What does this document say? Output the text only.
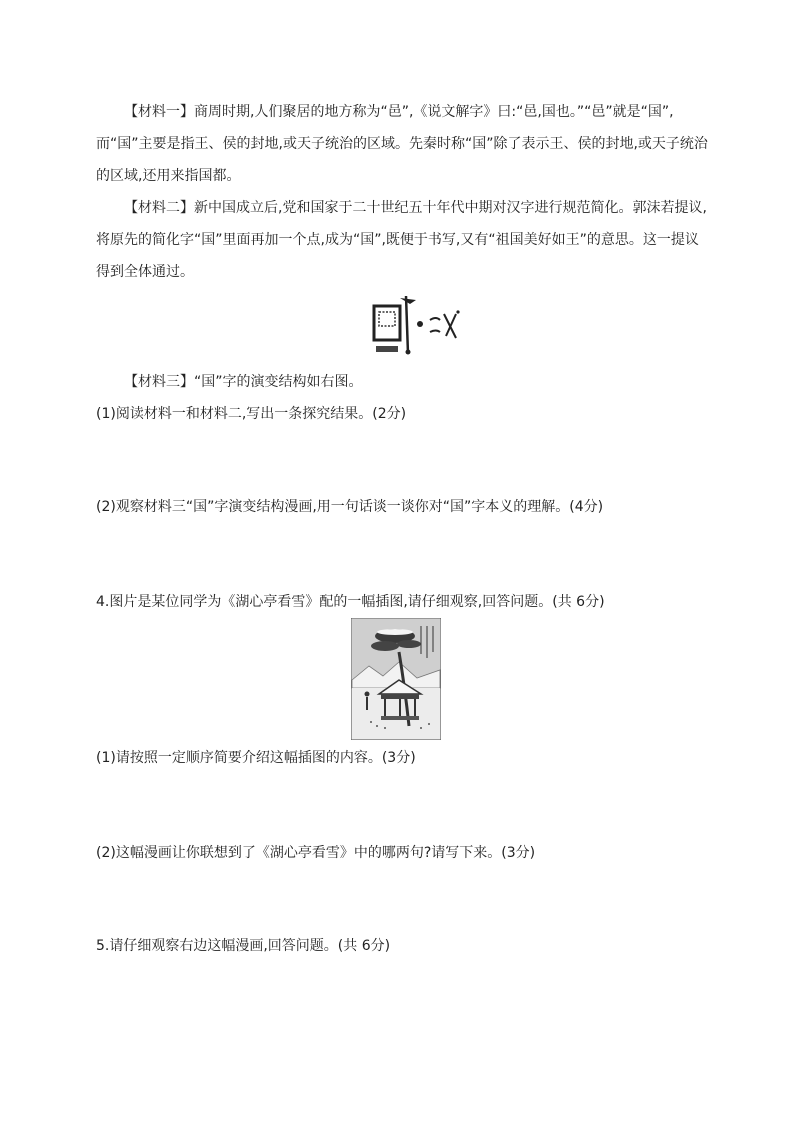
【材料一】商周时期,人们聚居的地方称为“邑”,《说文解字》曰:“邑,国也。”“邑”就是“国”,而“国”主要是指王、侯的封地,或天子统治的区域。先秦时称“国”除了表示王、侯的封地,或天子统治的区域,还用来指国都。

【材料二】新中国成立后,党和国家于二十世纪五十年代中期对汉字进行规范简化。郭沫若提议,将原先的简化字“国”里面再加一个点,成为“国”,既便于书写,又有“祖国美好如王”的意思。这一提议得到全体通过。

【材料三】“国”字的演变结构如右图。

(1)阅读材料一和材料二,写出一条探究结果。(2分)

(2)观察材料三“国”字演变结构漫画,用一句话谈一谈你对“国”字本义的理解。(4分)

4.图片是某位同学为《湖心亭看雪》配的一幅插图,请仔细观察,回答问题。(共 6分)

(1)请按照一定顺序简要介绍这幅插图的内容。(3分)

(2)这幅漫画让你联想到了《湖心亭看雪》中的哪两句?请写下来。(3分)

5.请仔细观察右边这幅漫画,回答问题。(共 6分)
